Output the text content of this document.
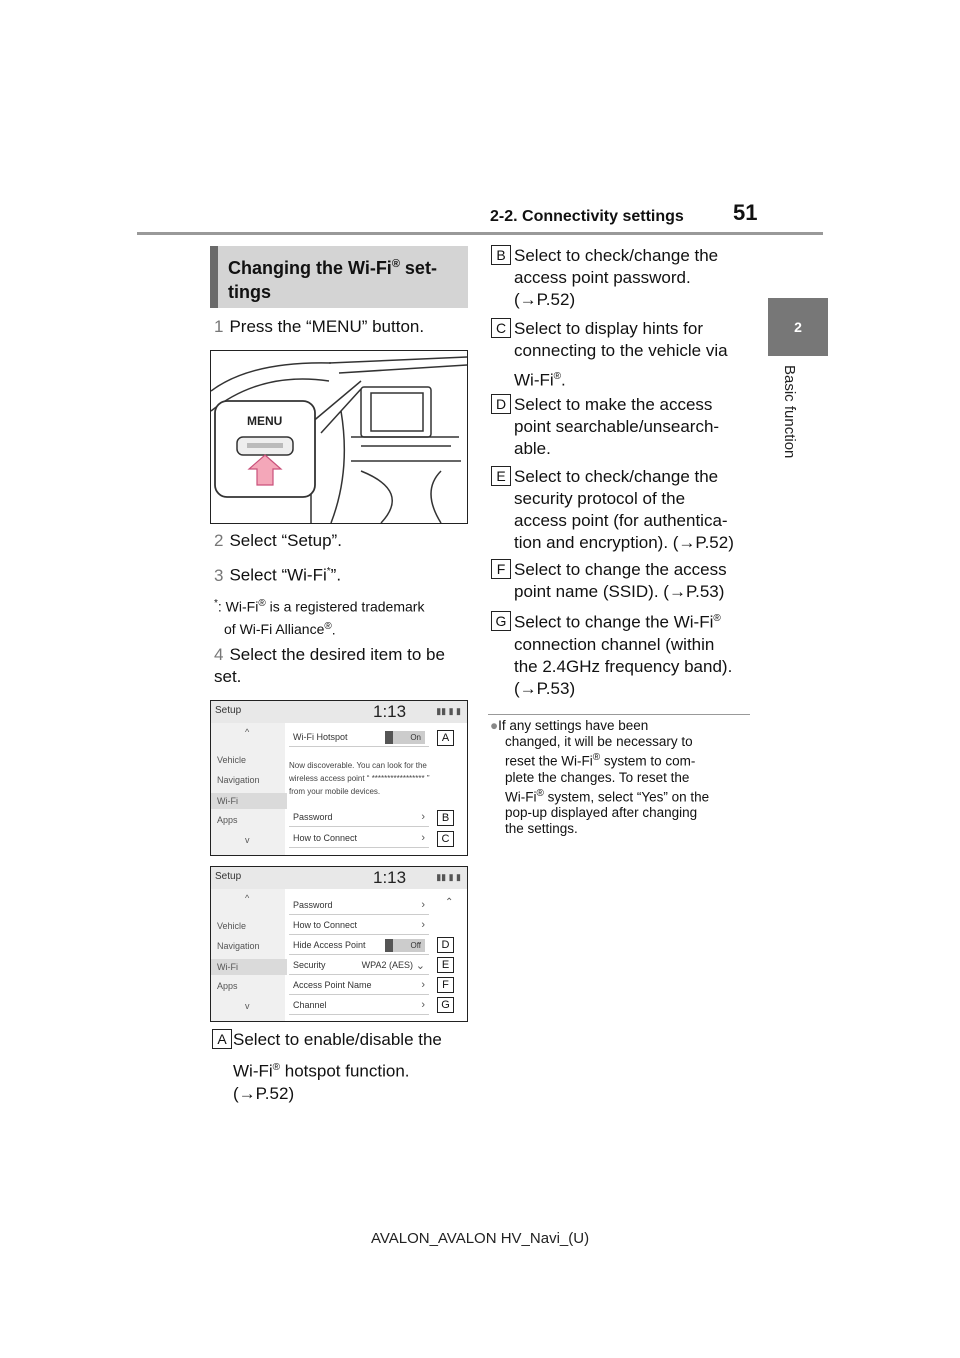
2-2. Connectivity settings 51
2
Basic function
Changing the Wi-Fi® set-
tings
1 Press the “MENU” button.
MENU
2 Select “Setup”.
3 Select “Wi-Fi*”.
*: Wi-Fi® is a registered trademark
of Wi-Fi Alliance®.
4 Select the desired item to be set.
Setup	1:13	▮▮ ▮ ▮
^
Vehicle
Navigation
Wi-Fi
Apps
v
Wi-Fi Hotspot	On
Now discoverable. You can look for the wireless access point “ ***************** ” from your mobile devices.
Password	›
How to Connect	›
A
B
C
Setup	1:13	▮▮ ▮ ▮
^
Vehicle
Navigation
Wi-Fi
Apps
v
Password	›
How to Connect	›
Hide Access Point	Off
Security	WPA2 (AES) ⌄
Access Point Name	›
Channel	›
⌃
D
E
F
G
A Select to enable/disable the
Wi-Fi® hotspot function.
(→P.52)
B Select to check/change the
access point password.
(→P.52)
C Select to display hints for
connecting to the vehicle via
Wi-Fi®.
D Select to make the access
point searchable/unsearch-
able.
E Select to check/change the
security protocol of the
access point (for authentica-
tion and encryption). (→P.52)
F Select to change the access
point name (SSID). (→P.53)
G Select to change the Wi-Fi®
connection channel (within
the 2.4GHz frequency band).
(→P.53)
●If any settings have been
changed, it will be necessary to
reset the Wi-Fi® system to com-
plete the changes. To reset the
Wi-Fi® system, select “Yes” on the
pop-up displayed after changing
the settings.
AVALON_AVALON HV_Navi_(U)
